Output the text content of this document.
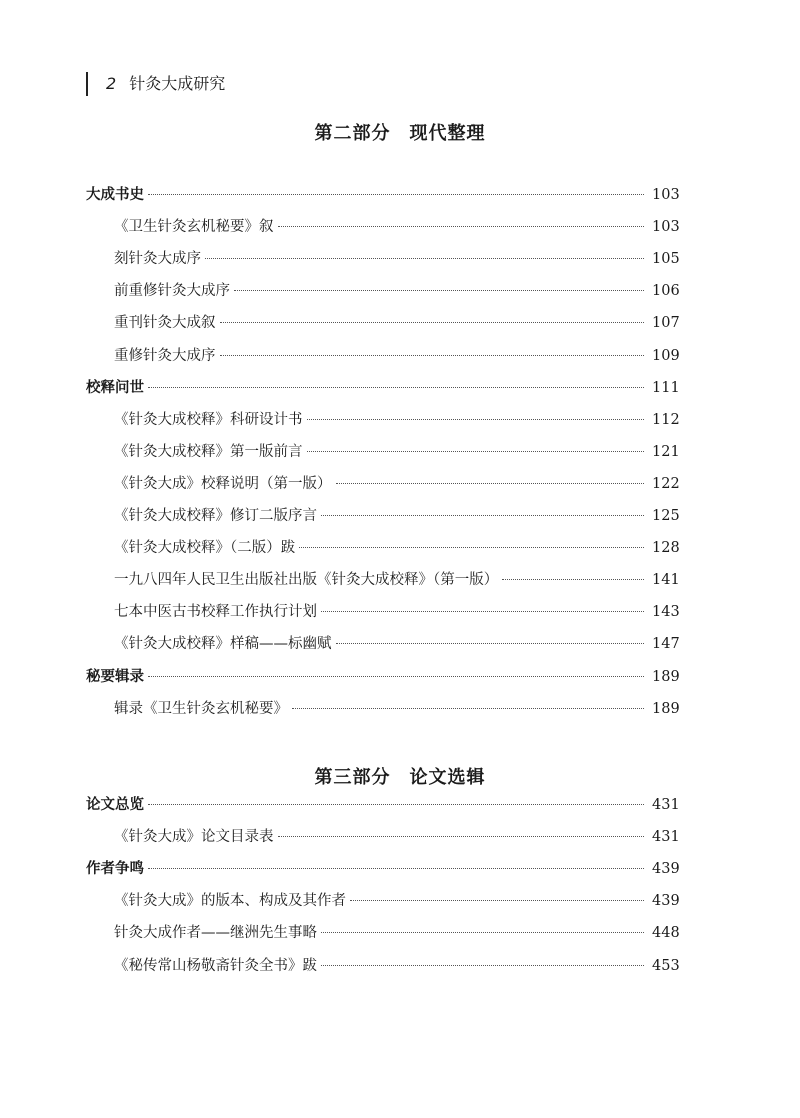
2 针灸大成研究
第二部分　现代整理
大成书史	103
《卫生针灸玄机秘要》叙	103
刻针灸大成序	105
前重修针灸大成序	106
重刊针灸大成叙	107
重修针灸大成序	109
校释问世	111
《针灸大成校释》科研设计书	112
《针灸大成校释》第一版前言	121
《针灸大成》校释说明（第一版）	122
《针灸大成校释》修订二版序言	125
《针灸大成校释》（二版）跋	128
一九八四年人民卫生出版社出版《针灸大成校释》（第一版）	141
七本中医古书校释工作执行计划	143
《针灸大成校释》样稿——标幽赋	147
秘要辑录	189
辑录《卫生针灸玄机秘要》	189
第三部分　论文选辑
论文总览	431
《针灸大成》论文目录表	431
作者争鸣	439
《针灸大成》的版本、构成及其作者	439
针灸大成作者——继洲先生事略	448
《秘传常山杨敬斋针灸全书》跋	453
